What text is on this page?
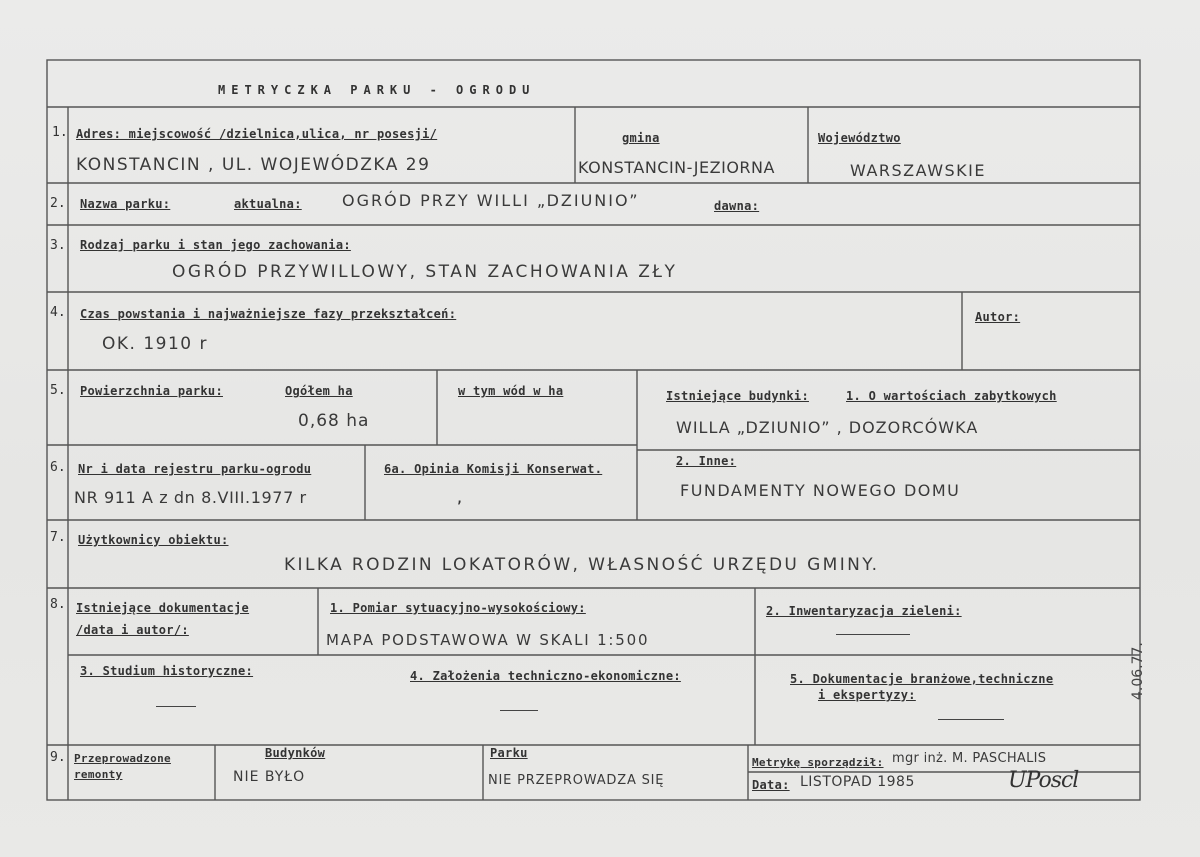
METRYCZKA PARKU - OGRODU
1. Adres: miejscowość /dzielnica,ulica, nr posesji/
KONSTANCIN , UL. WOJEWÓDZKA 29
gmina
KONSTANCIN-JEZIORNA
Województwo
WARSZAWSKIE
2. Nazwa parku:	aktualna:	OGRÓD PRZY WILLI „DZIUNIO”	dawna:
3. Rodzaj parku i stan jego zachowania:
OGRÓD PRZYWILLOWY, STAN ZACHOWANIA ZŁY
4. Czas powstania i najważniejsze fazy przekształceń:
OK. 1910 r
Autor:
5. Powierzchnia parku:	Ogółem ha
0,68 ha
w tym wód w ha	Istniejące budynki:	1. O wartościach zabytkowych
WILLA „DZIUNIO” , DOZORCÓWKA
6. Nr i data rejestru parku-ogrodu
NR 911 A z dn 8.VIII.1977 r
6a. Opinia Komisji Konserwat.
,
2. Inne:
FUNDAMENTY NOWEGO DOMU
7. Użytkownicy obiektu:
KILKA RODZIN LOKATORÓW, WŁASNOŚĆ URZĘDU GMINY.
8. Istniejące dokumentacje
/data i autor/:
1. Pomiar sytuacyjno-wysokościowy:
MAPA PODSTAWOWA W SKALI 1:500
2. Inwentaryzacja zieleni:
3. Studium historyczne:	4. Założenia techniczno-ekonomiczne:	5. Dokumentacje branżowe,techniczne
i ekspertyzy:
9. Przeprowadzone
remonty
Budynków
NIE BYŁO
Parku
NIE PRZEPROWADZA SIĘ
Metrykę sporządził: mgr inż. M. PASCHALIS
Data: LISTOPAD 1985	UPoscl
4.06.77.
